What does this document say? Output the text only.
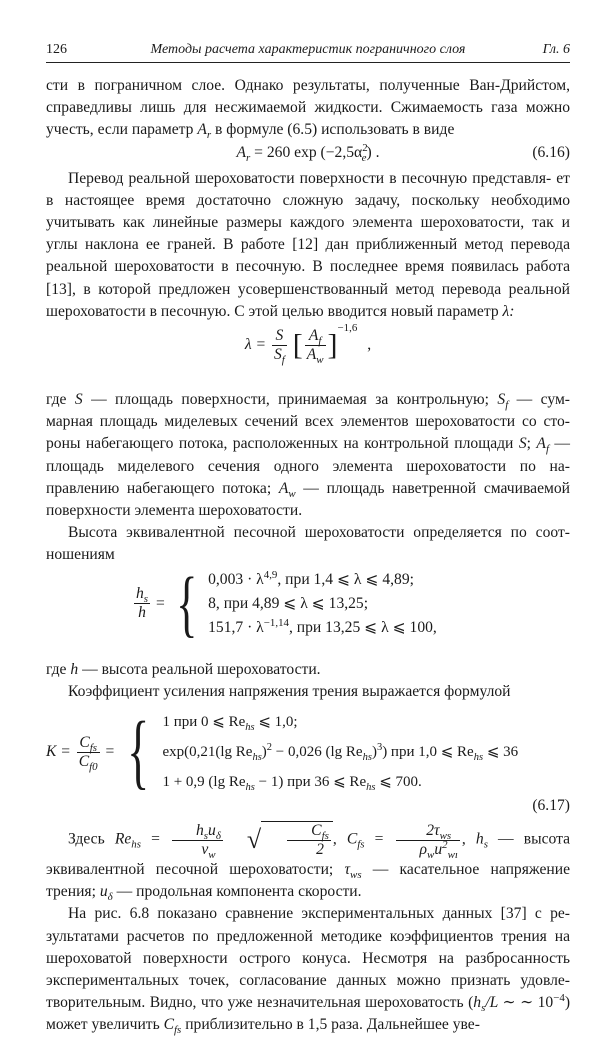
126	Методы расчета характеристик пограничного слоя	Гл. 6

сти в пограничном слое. Однако результаты, полученные Ван-Дрийстом, справедливы лишь для несжимаемой жидкости. Сжимаемость газа можно учесть, если параметр $A_r$ в формуле (6.5) использовать в виде

$A_r = 260$ $\exp (-2,5\alpha^2_e)$ .	(6.16)

Перевод реальной шероховатости поверхности в песочную представля- ет в настоящее время достаточно сложную задачу, поскольку необходимо учитывать как линейные размеры каждого элемента шероховатости, так и углы наклона ее граней. В работе [12] дан приближенный метод перевода реальной шероховатости в песочную. В последнее время появилась работа [13], в которой предложен усовершенствованный метод перевода реальной шероховатости в песочную. С этой целью вводится новый параметр λ:

$\lambda = \frac{S}{S_f}$ [ $\frac{A_f}{A_w} ]^{-1,6}$ ,

где S — площадь поверхности, принимаемая за контрольную; $S_f$ — сум- марная площадь миделевых сечений всех элементов шероховатости со сто- роны набегающего потока, расположенных на контрольной площади S; $A_f$ — площадь миделевого сечения одного элемента шероховатости по на- правлению набегающего потока; $A_w$ — площадь наветренной смачиваемой поверхности элемента шероховатости.

Высота эквивалентной песочной шероховатости определяется по соот- ношениям

$\frac{h_s}{h}$ = { $0,003 \cdot \lambda^{4,9}$, при 1,4 ⩽ λ ⩽ 4,89;
8, при 4,89 ⩽ λ ⩽ 13,25;
$151,7 \cdot \lambda^{-1,14}$, при 13,25 ⩽ λ ⩽ 100,

где h — высота реальной шероховатости.

Коэффициент усиления напряжения трения выражается формулой

$K = \frac{C_{fs}}{C_{f0}}$ = { 1 при 0 ⩽ $Re_{hs}$ ⩽ 1,0;
exp(0,21(lg $Re_{hs})^2 - 0,026$ (lg $Re_{hs})^3$) при 1,0 ⩽ $Re_{hs}$ ⩽ 36
1 + 0,9 (lg $Re_{hs} - 1$) при 36 ⩽ $Re_{hs}$ ⩽ 700.
(6.17)

Здесь $Re_{hs} = \frac{h_su_\delta}{\nu_w}$ √ $\frac{C_{fs}}{2}$ , $C_{fs} = \frac{2\tau_{ws}}{\rho_wu^2_{wı}}$ , $h_s$ — высота эквивалентной песочной шероховатости; $\tau_{ws}$ — касательное напряжение трения; $u_\delta$ — продольная компонента скорости.

На рис. 6.8 показано сравнение экспериментальных данных [37] с ре- зультатами расчетов по предложенной методике коэффициентов трения на шероховатой поверхности острого конуса. Несмотря на разбросанность экспериментальных точек, согласование данных можно признать удовле- творительным. Видно, что уже незначительная шероховатость ($h_s/L$ ∼ ∼ $10^{-4}$) может увеличить $C_{fs}$ приблизительно в 1,5 раза. Дальнейшее уве-
